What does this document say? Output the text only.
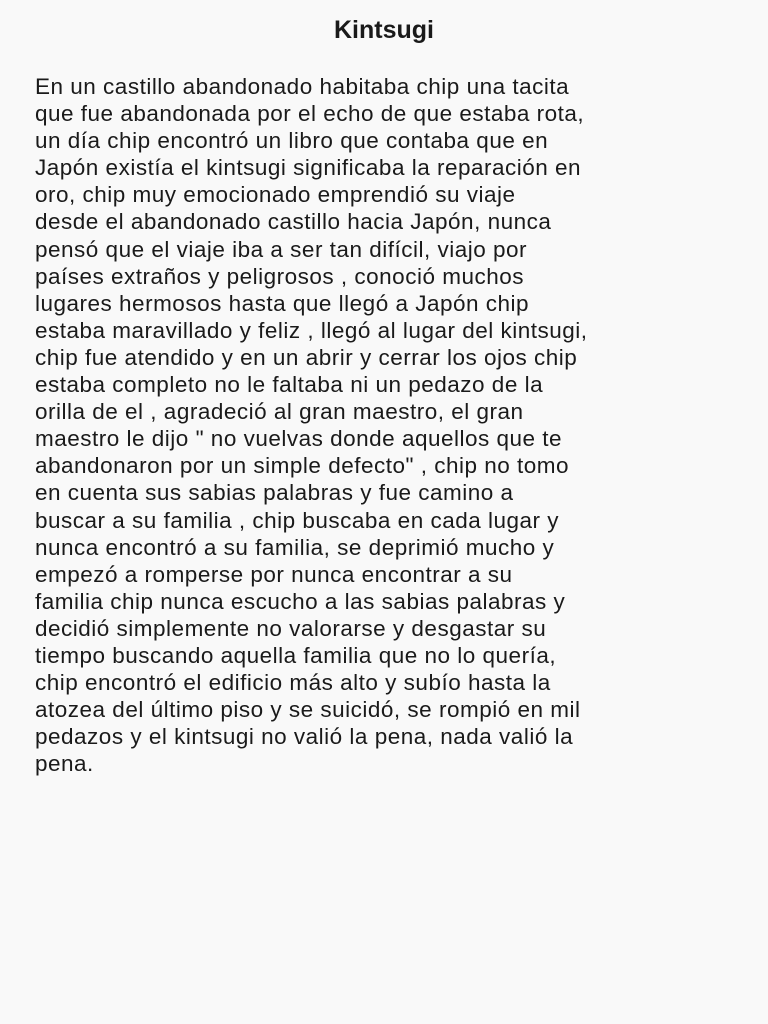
Kintsugi
En un castillo abandonado habitaba chip una tacita
que fue abandonada por el echo de que estaba rota,
un día chip encontró un libro que contaba que en
Japón existía el kintsugi significaba la reparación en
oro, chip muy emocionado emprendió su viaje
desde el abandonado castillo hacia Japón, nunca
pensó que el viaje iba a ser tan difícil, viajo por
países extraños y peligrosos , conoció muchos
lugares hermosos hasta que llegó a Japón chip
estaba maravillado y feliz , llegó al lugar del kintsugi,
chip fue atendido y en un abrir y cerrar los ojos chip
estaba completo no le faltaba ni un pedazo de la
orilla de el , agradeció al gran maestro, el gran
maestro le dijo " no vuelvas donde aquellos que te
abandonaron por un simple defecto" , chip no tomo
en cuenta sus sabias palabras y fue camino a
buscar a su familia , chip buscaba en cada lugar y
nunca encontró a su familia, se deprimió mucho y
empezó a romperse por nunca encontrar a su
familia chip nunca escucho a las sabias palabras y
decidió simplemente no valorarse y desgastar su
tiempo buscando aquella familia que no lo quería,
chip encontró el edificio más alto y subío hasta la
atozea del último piso y se suicidó, se rompió en mil
pedazos y el kintsugi no valió la pena, nada valió la
pena.
